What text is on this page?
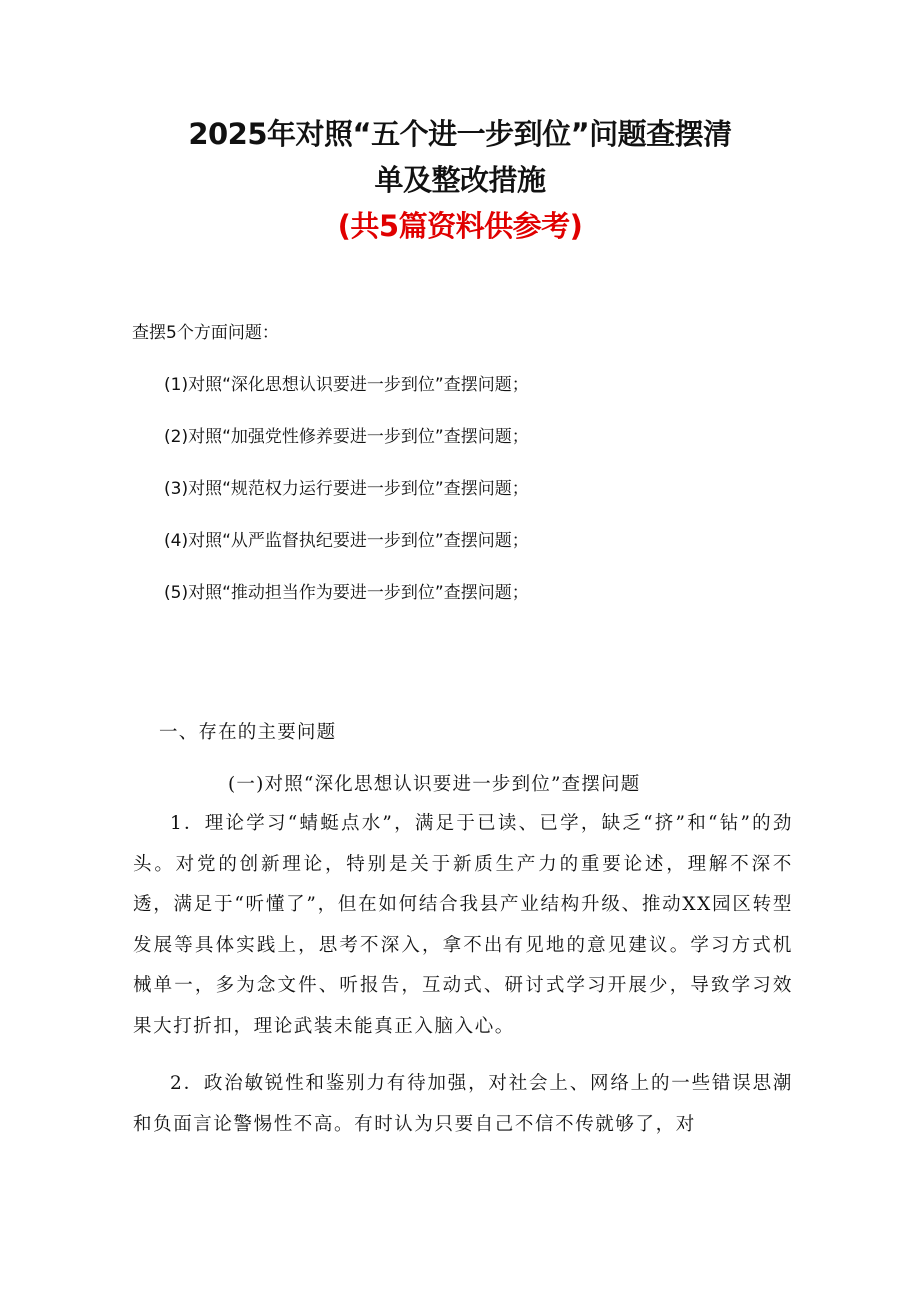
2025年对照“五个进一步到位”问题查摆清
单及整改措施
(共5篇资料供参考)
查摆5个方面问题：
(1)对照“深化思想认识要进一步到位”查摆问题；
(2)对照“加强党性修养要进一步到位”查摆问题；
(3)对照“规范权力运行要进一步到位”查摆问题；
(4)对照“从严监督执纪要进一步到位”查摆问题；
(5)对照“推动担当作为要进一步到位”查摆问题；
一、存在的主要问题
(一)对照“深化思想认识要进一步到位”查摆问题
1．理论学习“蜻蜓点水”，满足于已读、已学，缺乏“挤”和“钻”的劲头。对党的创新理论，特别是关于新质生产力的重要论述，理解不深不透，满足于“听懂了”，但在如何结合我县产业结构升级、推动XX园区转型发展等具体实践上，思考不深入，拿不出有见地的意见建议。学习方式机械单一，多为念文件、听报告，互动式、研讨式学习开展少，导致学习效果大打折扣，理论武装未能真正入脑入心。
2．政治敏锐性和鉴别力有待加强，对社会上、网络上的一些错误思潮和负面言论警惕性不高。有时认为只要自己不信不传就够了，对
